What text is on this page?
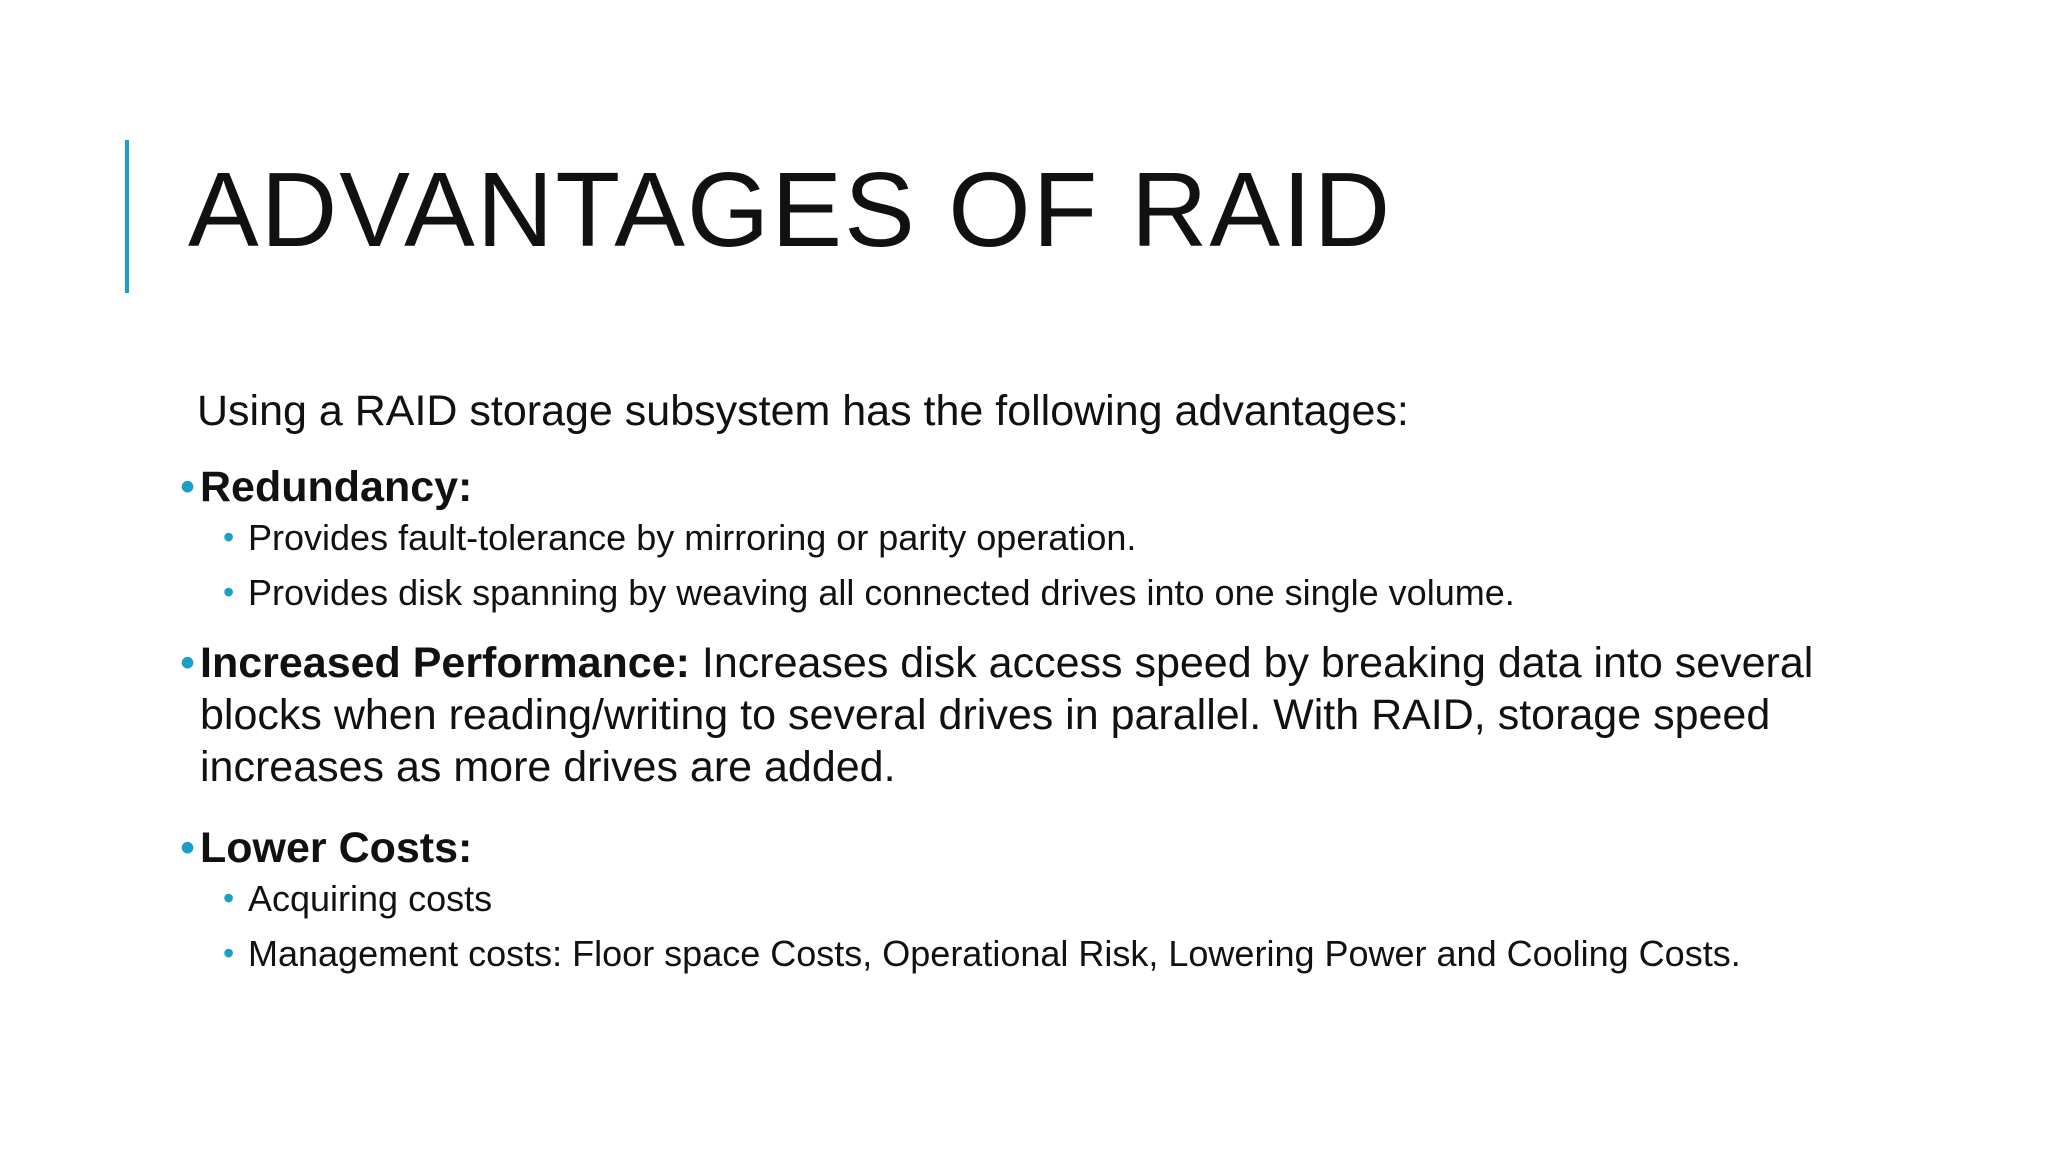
ADVANTAGES OF RAID

Using a RAID storage subsystem has the following advantages:

• Redundancy:
• Provides fault-tolerance by mirroring or parity operation.
• Provides disk spanning by weaving all connected drives into one single volume.
• Increased Performance: Increases disk access speed by breaking data into several blocks when reading/writing to several drives in parallel. With RAID, storage speed increases as more drives are added.
• Lower Costs:
• Acquiring costs
• Management costs: Floor space Costs, Operational Risk, Lowering Power and Cooling Costs.
